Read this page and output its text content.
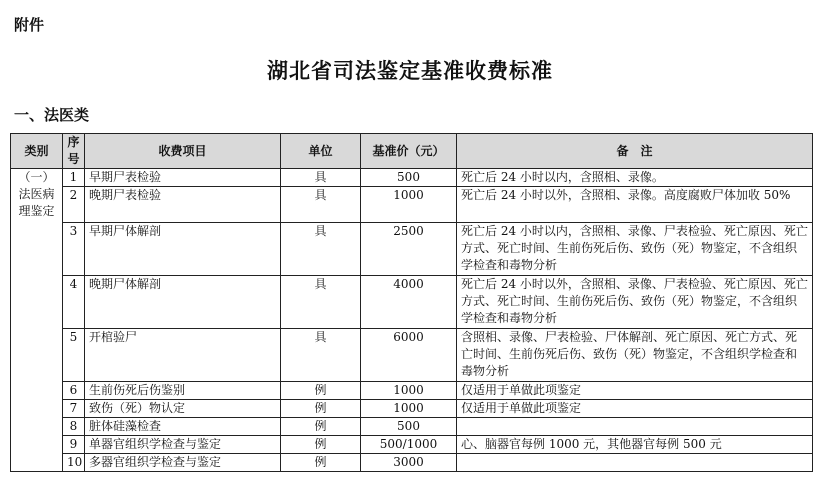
附件
湖北省司法鉴定基准收费标准
一、法医类
类别	序号	收费项目	单位	基准价（元）	备　注
（一）法医病理鉴定	1	早期尸表检验	具	500	死亡后 24 小时以内，含照相、录像。
	2	晚期尸表检验	具	1000	死亡后 24 小时以外，含照相、录像。高度腐败尸体加收 50%
	3	早期尸体解剖	具	2500	死亡后 24 小时以内，含照相、录像、尸表检验、死亡原因、死亡方式、死亡时间、生前伤死后伤、致伤（死）物鉴定，不含组织学检查和毒物分析
	4	晚期尸体解剖	具	4000	死亡后 24 小时以外，含照相、录像、尸表检验、死亡原因、死亡方式、死亡时间、生前伤死后伤、致伤（死）物鉴定，不含组织学检查和毒物分析
	5	开棺验尸	具	6000	含照相、录像、尸表检验、尸体解剖、死亡原因、死亡方式、死亡时间、生前伤死后伤、致伤（死）物鉴定，不含组织学检查和毒物分析
	6	生前伤死后伤鉴别	例	1000	仅适用于单做此项鉴定
	7	致伤（死）物认定	例	1000	仅适用于单做此项鉴定
	8	脏体硅藻检查	例	500	
	9	单器官组织学检查与鉴定	例	500/1000	心、脑器官每例 1000 元，其他器官每例 500 元
	10	多器官组织学检查与鉴定	例	3000	
